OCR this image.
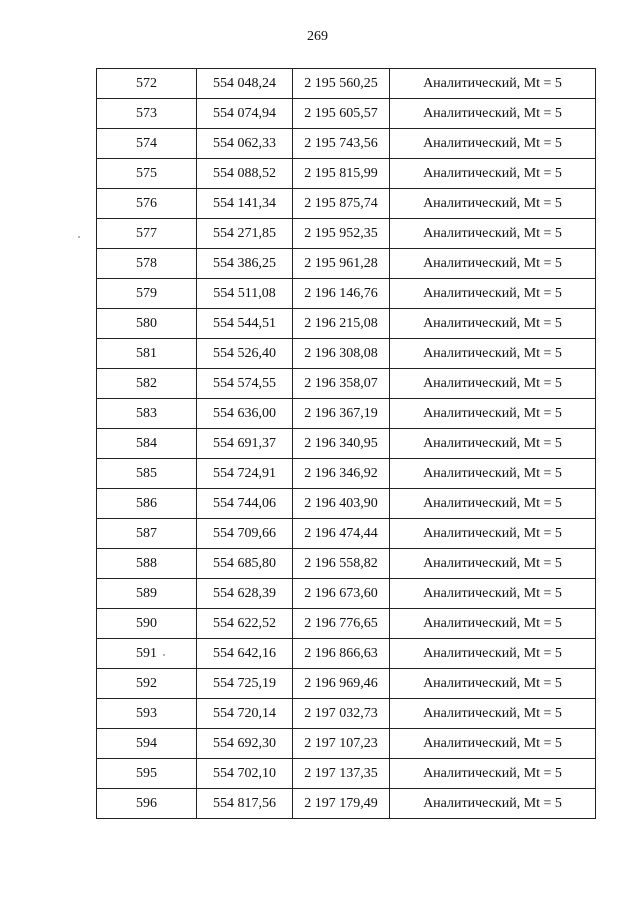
269
572	554 048,24	2 195 560,25	Аналитический, Mt = 5
573	554 074,94	2 195 605,57	Аналитический, Mt = 5
574	554 062,33	2 195 743,56	Аналитический, Mt = 5
575	554 088,52	2 195 815,99	Аналитический, Mt = 5
576	554 141,34	2 195 875,74	Аналитический, Mt = 5
577	554 271,85	2 195 952,35	Аналитический, Mt = 5
578	554 386,25	2 195 961,28	Аналитический, Mt = 5
579	554 511,08	2 196 146,76	Аналитический, Mt = 5
580	554 544,51	2 196 215,08	Аналитический, Mt = 5
581	554 526,40	2 196 308,08	Аналитический, Mt = 5
582	554 574,55	2 196 358,07	Аналитический, Mt = 5
583	554 636,00	2 196 367,19	Аналитический, Mt = 5
584	554 691,37	2 196 340,95	Аналитический, Mt = 5
585	554 724,91	2 196 346,92	Аналитический, Mt = 5
586	554 744,06	2 196 403,90	Аналитический, Mt = 5
587	554 709,66	2 196 474,44	Аналитический, Mt = 5
588	554 685,80	2 196 558,82	Аналитический, Mt = 5
589	554 628,39	2 196 673,60	Аналитический, Mt = 5
590	554 622,52	2 196 776,65	Аналитический, Mt = 5
591	554 642,16	2 196 866,63	Аналитический, Mt = 5
592	554 725,19	2 196 969,46	Аналитический, Mt = 5
593	554 720,14	2 197 032,73	Аналитический, Mt = 5
594	554 692,30	2 197 107,23	Аналитический, Mt = 5
595	554 702,10	2 197 137,35	Аналитический, Mt = 5
596	554 817,56	2 197 179,49	Аналитический, Mt = 5
